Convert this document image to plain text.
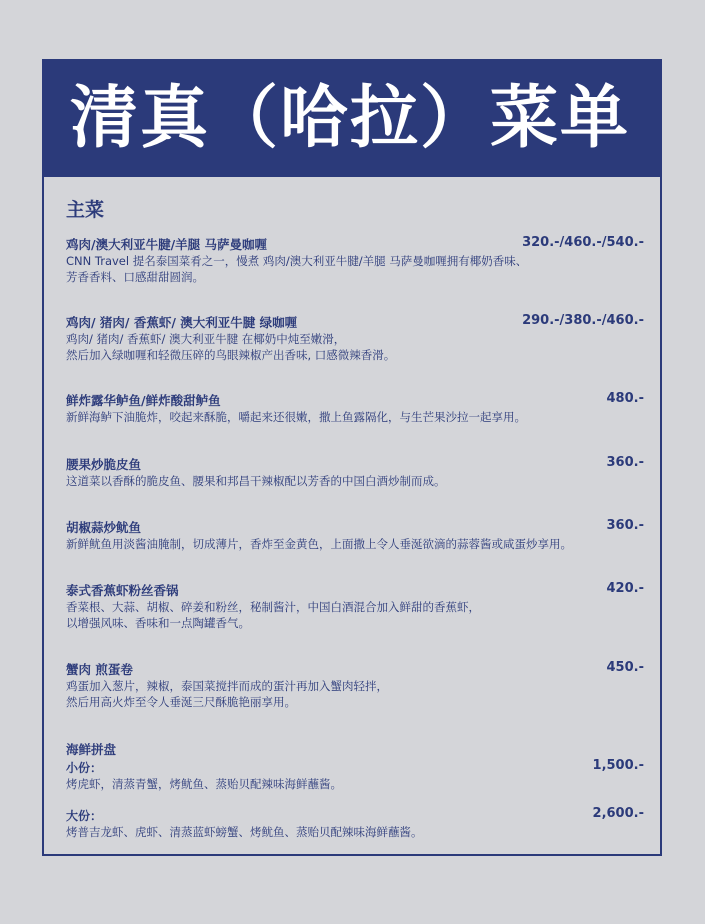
清真（哈拉）菜单
主菜
鸡肉/澳大利亚牛腱/羊腿 马萨曼咖喱	320.-/460.-/540.-
CNN Travel 提名泰国菜肴之一，慢煮 鸡肉/澳大利亚牛腱/羊腿 马萨曼咖喱拥有椰奶香味、
芳香香料、口感甜甜圆润。
鸡肉/ 猪肉/ 香蕉虾/ 澳大利亚牛腱 绿咖喱	290.-/380.-/460.-
鸡肉/ 猪肉/ 香蕉虾/ 澳大利亚牛腱 在椰奶中炖至嫩滑，
然后加入绿咖喱和轻微压碎的鸟眼辣椒产出香味, 口感微辣香滑。
鲜炸露华鲈鱼/鲜炸酸甜鲈鱼	480.-
新鲜海鲈下油脆炸，咬起来酥脆，嚼起来还很嫩，撒上鱼露隔化，与生芒果沙拉一起享用。
腰果炒脆皮鱼	360.-
这道菜以香酥的脆皮鱼、腰果和邦昌干辣椒配以芳香的中国白酒炒制而成。
胡椒蒜炒鱿鱼	360.-
新鲜鱿鱼用淡酱油腌制，切成薄片，香炸至金黄色，上面撒上令人垂涎欲滴的蒜蓉酱或咸蛋炒享用。
泰式香蕉虾粉丝香锅	420.-
香菜根、大蒜、胡椒、碎姜和粉丝，秘制酱汁，中国白酒混合加入鲜甜的香蕉虾，
以增强风味、香味和一点陶罐香气。
蟹肉 煎蛋卷	450.-
鸡蛋加入葱片，辣椒，泰国菜搅拌而成的蛋汁再加入蟹肉轻拌，
然后用高火炸至令人垂涎三尺酥脆艳丽享用。
海鲜拼盘
小份：	1,500.-
烤虎虾，清蒸青蟹，烤鱿鱼、蒸贻贝配辣味海鲜蘸酱。
大份：	2,600.-
烤普吉龙虾、虎虾、清蒸蓝虾螃蟹、烤鱿鱼、蒸贻贝配辣味海鲜蘸酱。
